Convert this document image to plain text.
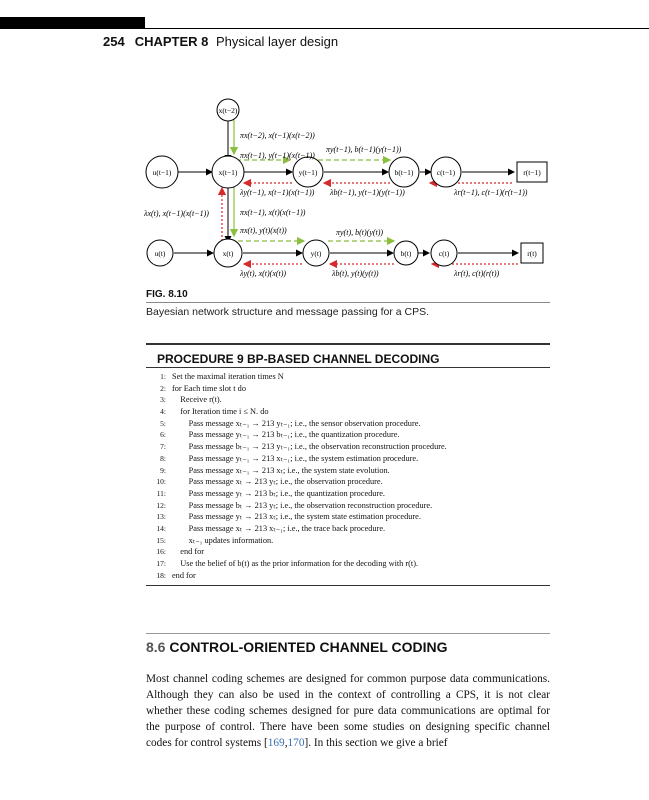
254 CHAPTER 8 Physical layer design
x(t−2)
u(t−1)	x(t−1)	y(t−1)	b(t−1)	c(t−1)	r(t−1)
u(t)	x(t)	y(t)	b(t)	c(t)	r(t)
πx(t−2), x(t−1)(x(t−2))
πx(t−1), y(t−1)(x(t−1))
πy(t−1), b(t−1)(y(t−1))
λy(t−1), x(t−1)(x(t−1)) λb(t−1), y(t−1)(y(t−1))	λr(t−1), c(t−1)(r(t−1))
λx(t), x(t−1)(x(t−1))	πx(t−1), x(t)(x(t−1))
πx(t), y(t)(x(t))	πy(t), b(t)(y(t))
λy(t), x(t)(x(t))	λb(t), y(t)(y(t))	λr(t), c(t)(r(t))
FIG. 8.10
Bayesian network structure and message passing for a CPS.
PROCEDURE 9 BP-BASED CHANNEL DECODING
1: Set the maximal iteration times N
2: for Each time slot t do
3: Receive r(t).
4: for Iteration time i ≤ N. do
5: Pass message xₜ₋₁ → 213 yₜ₋₁; i.e., the sensor observation procedure.
6: Pass message yₜ₋₁ → 213 bₜ₋₁; i.e., the quantization procedure.
7: Pass message bₜ₋₁ → 213 yₜ₋₁; i.e., the observation reconstruction procedure.
8: Pass message yₜ₋₁ → 213 xₜ₋₁; i.e., the system estimation procedure.
9: Pass message xₜ₋₁ → 213 xₜ; i.e., the system state evolution.
10: Pass message xₜ → 213 yₜ; i.e., the observation procedure.
11: Pass message yₜ → 213 bₜ; i.e., the quantization procedure.
12: Pass message bₜ → 213 yₜ; i.e., the observation reconstruction procedure.
13: Pass message yₜ → 213 xₜ; i.e., the system state estimation procedure.
14: Pass message xₜ → 213 xₜ₋₁; i.e., the trace back procedure.
15: xₜ₋₁ updates information.
16: end for
17: Use the belief of b(t) as the prior information for the decoding with r(t).
18: end for
8.6 CONTROL-ORIENTED CHANNEL CODING

Most channel coding schemes are designed for common purpose data communications. Although they can also be used in the context of controlling a CPS, it is not clear whether these coding schemes designed for pure data communications are optimal for the purpose of control. There have been some studies on designing specific channel codes for control systems [169,170]. In this section we give a brief
